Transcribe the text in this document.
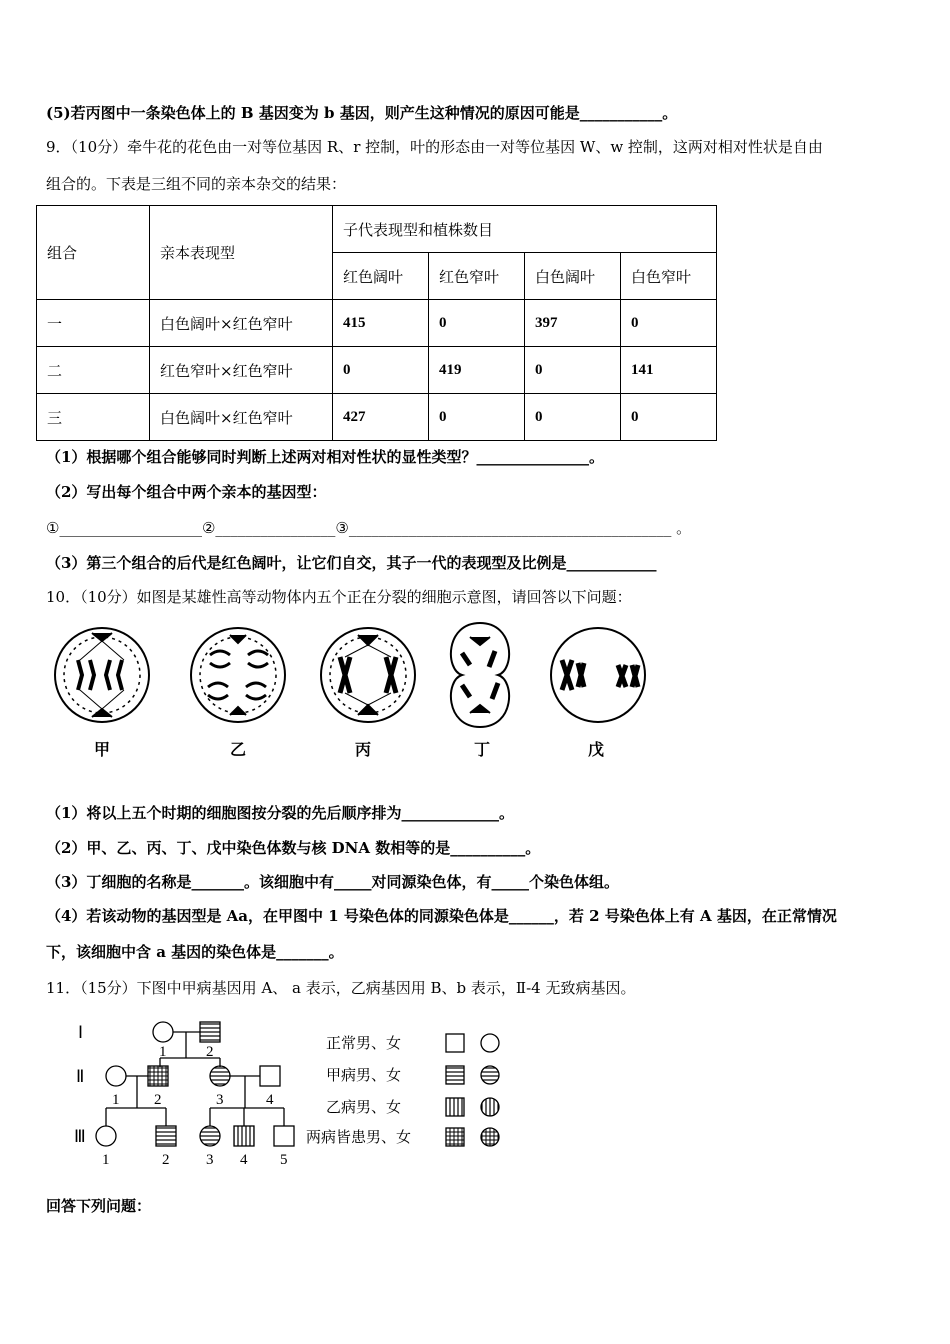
(5)若丙图中一条染色体上的 B 基因变为 b 基因，则产生这种情况的原因可能是___________。
9．（10分）牵牛花的花色由一对等位基因 R、r 控制，叶的形态由一对等位基因 W、w 控制，这两对相对性状是自由
组合的。下表是三组不同的亲本杂交的结果：
组合	亲本表现型	子代表现型和植株数目			
		红色阔叶	红色窄叶	白色阔叶	白色窄叶
一	白色阔叶×红色窄叶	415	0	397	0
二	红色窄叶×红色窄叶	0	419	0	141
三	白色阔叶×红色窄叶	427	0	0	0
（1）根据哪个组合能够同时判断上述两对相对性状的显性类型？_______________。
（2）写出每个组合中两个亲本的基因型：
①___________________②________________③___________________________________________ 。
（3）第三个组合的后代是红色阔叶，让它们自交，其子一代的表现型及比例是____________
10．（10分）如图是某雄性高等动物体内五个正在分裂的细胞示意图，请回答以下问题：
甲	乙	丙	丁	戊
（1）将以上五个时期的细胞图按分裂的先后顺序排为_____________。
（2）甲、乙、丙、丁、戊中染色体数与核 DNA 数相等的是__________。
（3）丁细胞的名称是_______。该细胞中有_____对同源染色体，有_____个染色体组。
（4）若该动物的基因型是 Aa，在甲图中 1 号染色体的同源染色体是______，若 2 号染色体上有 A 基因，在正常情况
下，该细胞中含 a 基因的染色体是_______。
11．（15分）下图中甲病基因用 A、 a 表示，乙病基因用 B、b 表示，Ⅱ-4 无致病基因。
Ⅰ
Ⅱ
Ⅲ
1	2
1 2	3	4
1	2 3 4 5
正常男、女
甲病男、女
乙病男、女
两病皆患男、女
回答下列问题：
